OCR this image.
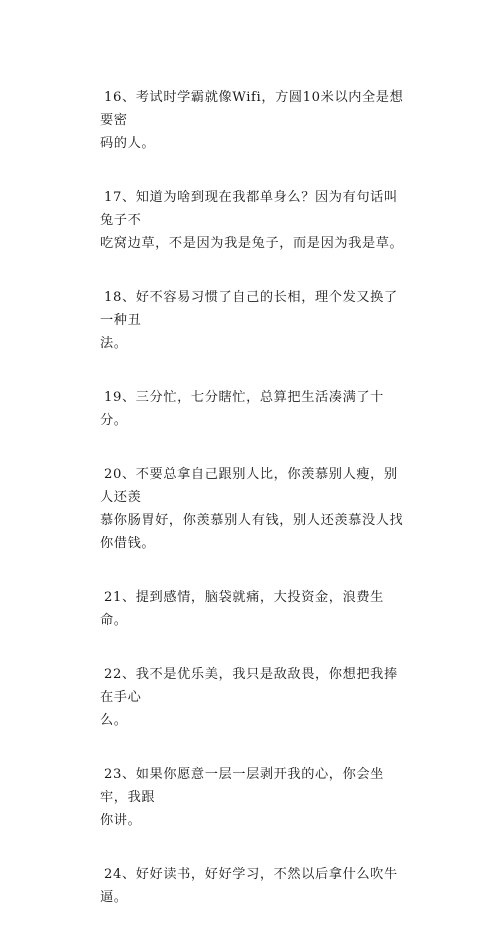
16、考试时学霸就像Wifi，方圆10米以内全是想要密
码的人。

17、知道为啥到现在我都单身么？因为有句话叫兔子不
吃窝边草，不是因为我是兔子，而是因为我是草。

18、好不容易习惯了自己的长相，理个发又换了一种丑
法。

19、三分忙，七分瞎忙，总算把生活凑满了十分。

20、不要总拿自己跟别人比，你羡慕别人瘦，别人还羡
慕你肠胃好，你羡慕别人有钱，别人还羡慕没人找你借钱。

21、提到感情，脑袋就痛，大投资金，浪费生命。

22、我不是优乐美，我只是敌敌畏，你想把我捧在手心
么。

23、如果你愿意一层一层剥开我的心，你会坐牢，我跟
你讲。

24、好好读书，好好学习，不然以后拿什么吹牛逼。
